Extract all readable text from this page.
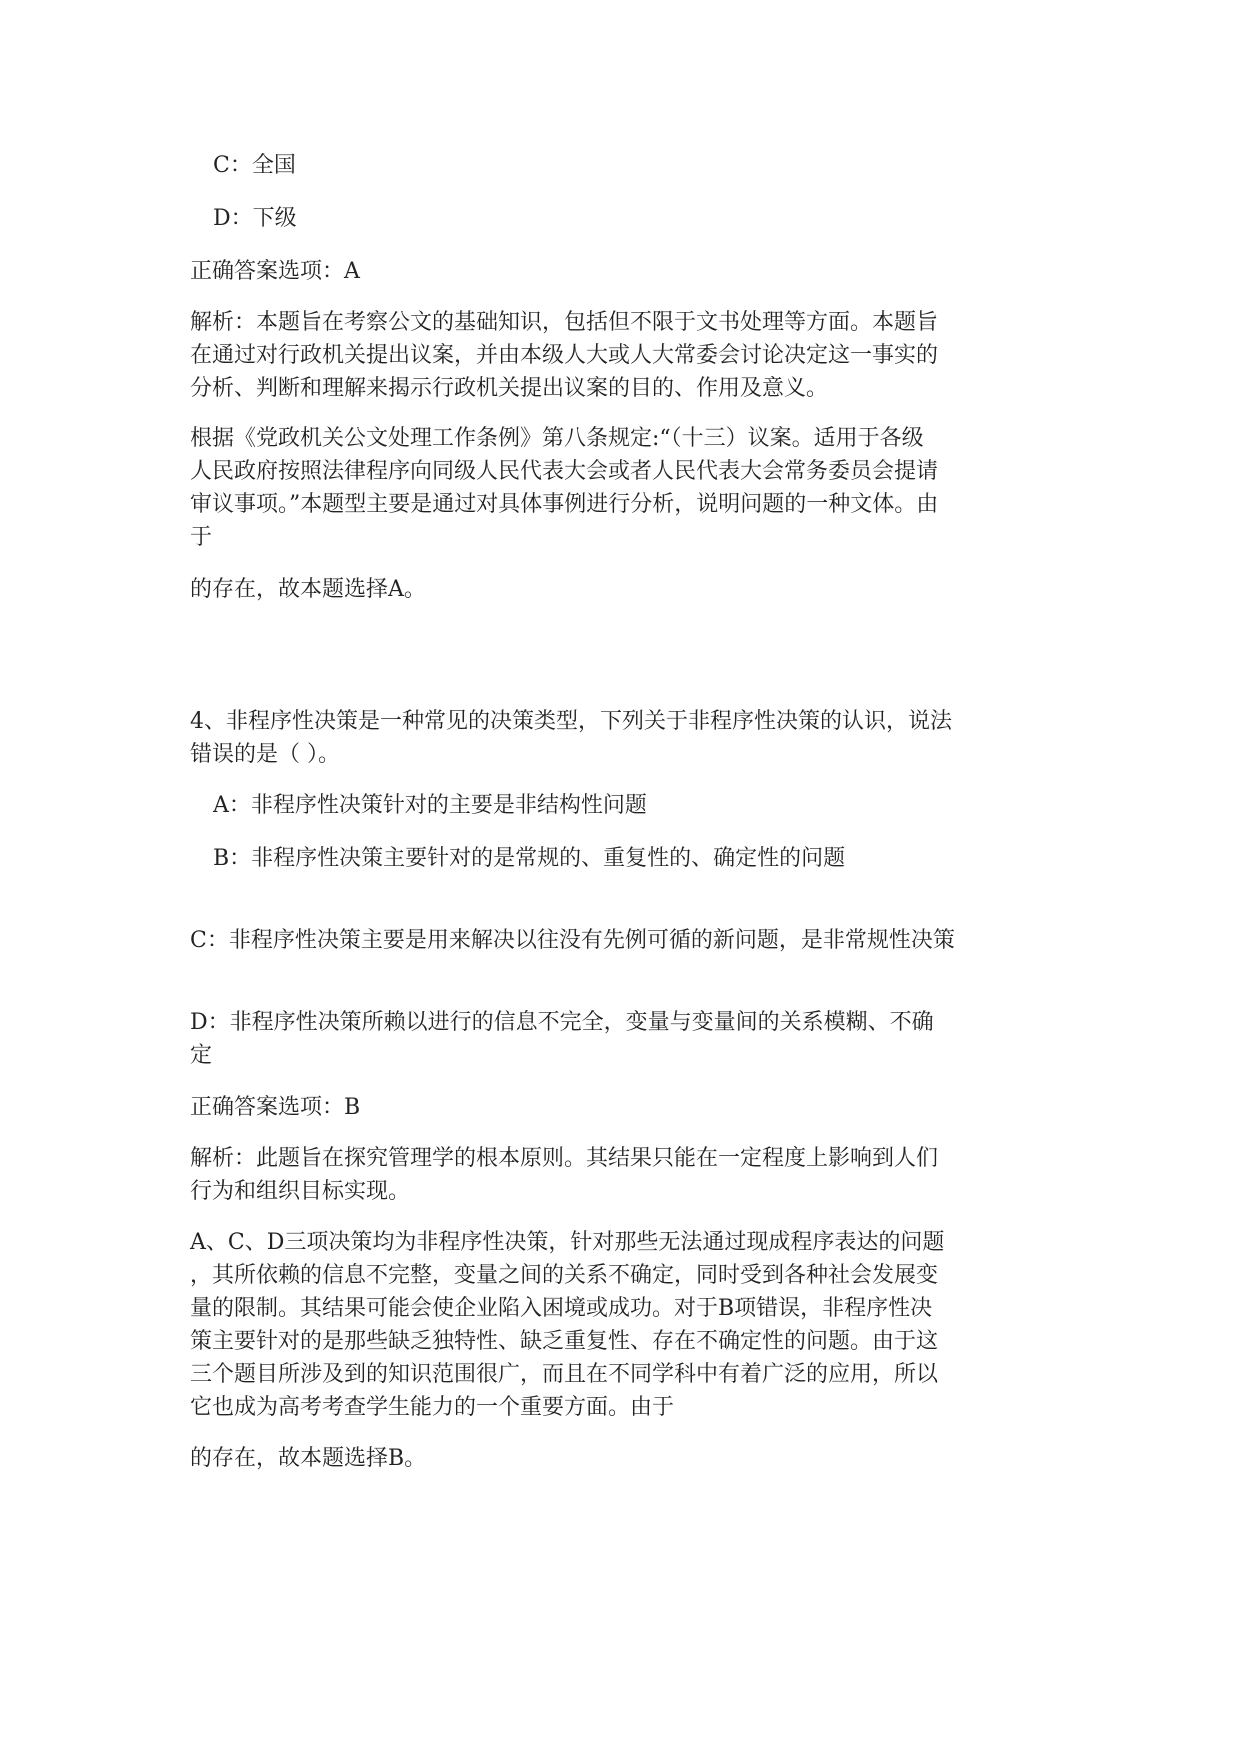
C：全国

D：下级

正确答案选项：A

解析：本题旨在考察公文的基础知识，包括但不限于文书处理等方面。本题旨

在通过对行政机关提出议案，并由本级人大或人大常委会讨论决定这一事实的

分析、判断和理解来揭示行政机关提出议案的目的、作用及意义。

根据《党政机关公文处理工作条例》第八条规定:“（十三）议案。适用于各级

人民政府按照法律程序向同级人民代表大会或者人民代表大会常务委员会提请

审议事项。”本题型主要是通过对具体事例进行分析，说明问题的一种文体。由

于

的存在，故本题选择A。

4、非程序性决策是一种常见的决策类型，下列关于非程序性决策的认识，说法

错误的是（ ）。

A：非程序性决策针对的主要是非结构性问题

B：非程序性决策主要针对的是常规的、重复性的、确定性的问题

C：非程序性决策主要是用来解决以往没有先例可循的新问题，是非常规性决策

D：非程序性决策所赖以进行的信息不完全，变量与变量间的关系模糊、不确

定

正确答案选项：B

解析：此题旨在探究管理学的根本原则。其结果只能在一定程度上影响到人们

行为和组织目标实现。

A、C、D三项决策均为非程序性决策，针对那些无法通过现成程序表达的问题

，其所依赖的信息不完整，变量之间的关系不确定，同时受到各种社会发展变

量的限制。其结果可能会使企业陷入困境或成功。对于B项错误，非程序性决

策主要针对的是那些缺乏独特性、缺乏重复性、存在不确定性的问题。由于这

三个题目所涉及到的知识范围很广，而且在不同学科中有着广泛的应用，所以

它也成为高考考查学生能力的一个重要方面。由于

的存在，故本题选择B。
